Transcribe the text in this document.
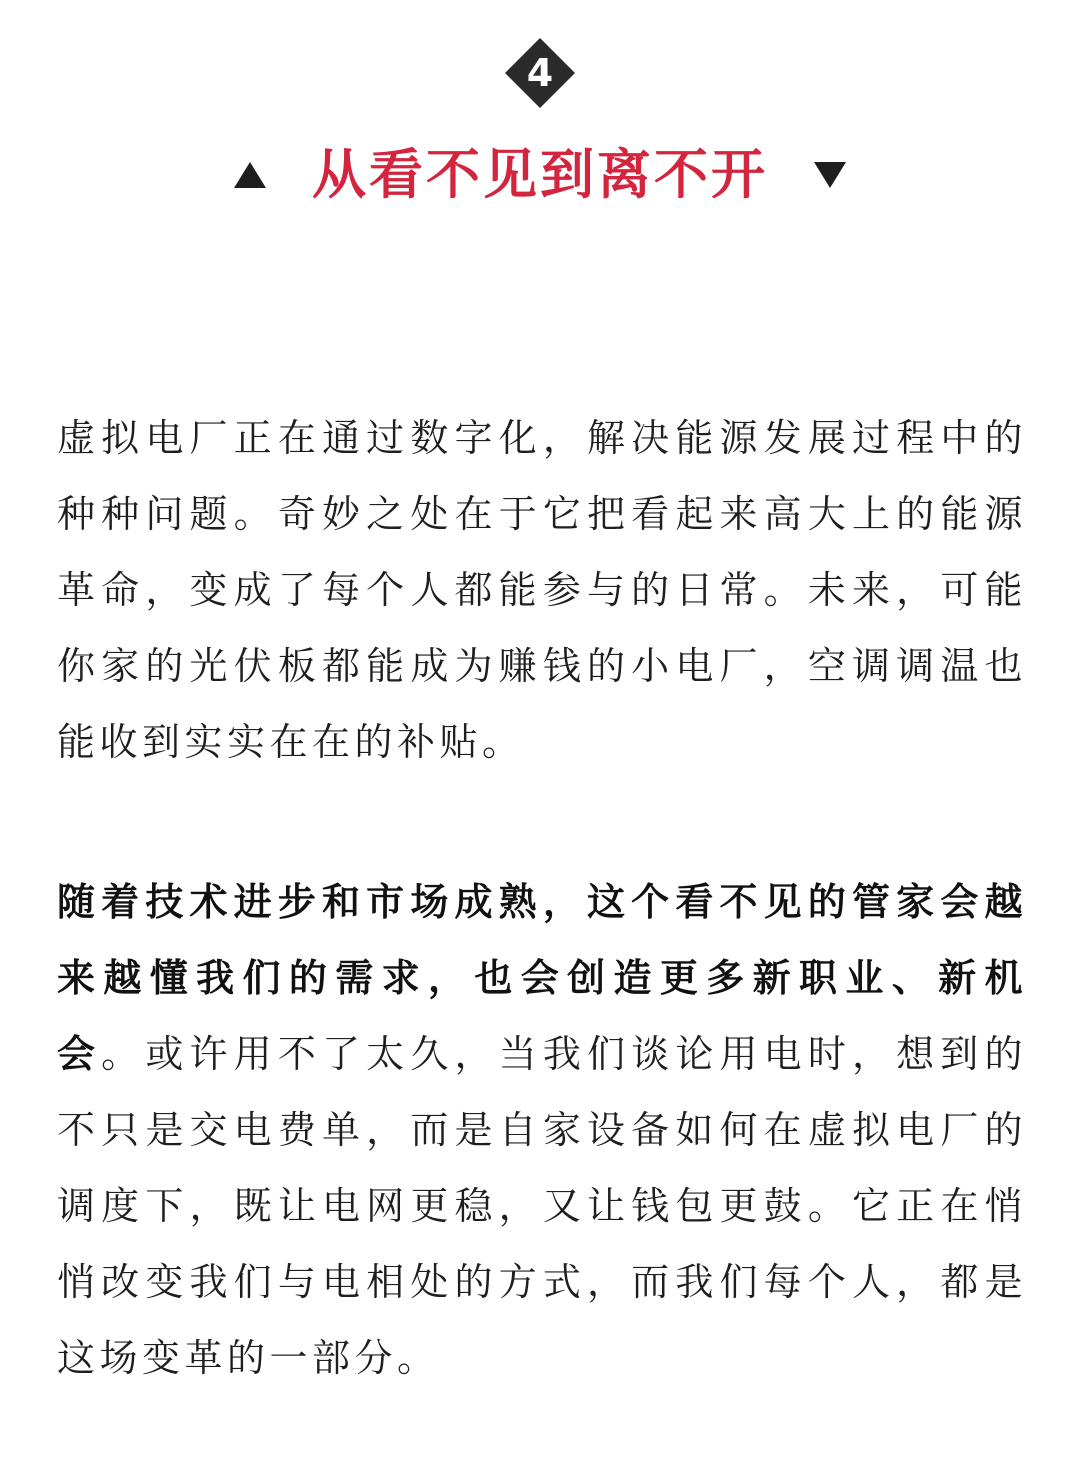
4
从看不见到离不开

虚拟电厂正在通过数字化，解决能源发展过程中的种种问题。奇妙之处在于它把看起来高大上的能源革命，变成了每个人都能参与的日常。未来，可能你家的光伏板都能成为赚钱的小电厂，空调调温也能收到实实在在的补贴。

随着技术进步和市场成熟，这个看不见的管家会越来越懂我们的需求，也会创造更多新职业、新机会。或许用不了太久，当我们谈论用电时，想到的不只是交电费单，而是自家设备如何在虚拟电厂的调度下，既让电网更稳，又让钱包更鼓。它正在悄悄改变我们与电相处的方式，而我们每个人，都是这场变革的一部分。
